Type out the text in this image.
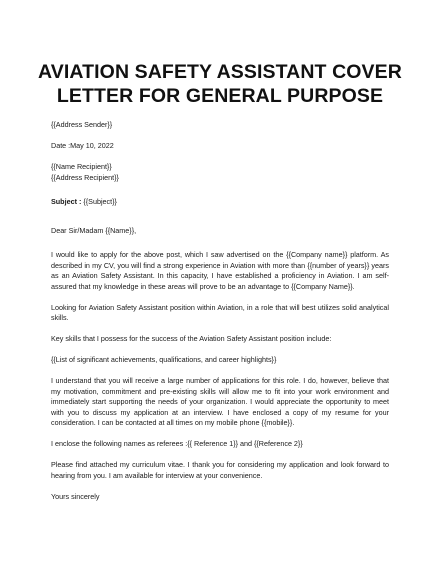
AVIATION SAFETY ASSISTANT COVER
LETTER FOR GENERAL PURPOSE

{{Address Sender}}

Date :May 10, 2022

{{Name Recipient}}

{{Address Recipient}}

Subject : {{Subject}}

Dear Sir/Madam {{Name}},

I would like to apply for the above post, which I saw advertised on the {{Company name}} platform. As described in my CV, you will find a strong experience in Aviation with more than {{number of years}} years as an Aviation Safety Assistant. In this capacity, I have established a proficiency in Aviation. I am self-assured that my knowledge in these areas will prove to be an advantage to {{Company Name}}.

Looking for Aviation Safety Assistant position within Aviation, in a role that will best utilizes solid analytical skills.

Key skills that I possess for the success of the Aviation Safety Assistant position include:

{{List of significant achievements, qualifications, and career highlights}}

I understand that you will receive a large number of applications for this role. I do, however, believe that my motivation, commitment and pre-existing skills will allow me to fit into your work environment and immediately start supporting the needs of your organization. I would appreciate the opportunity to meet with you to discuss my application at an interview. I have enclosed a copy of my resume for your consideration. I can be contacted at all times on my mobile phone {{mobile}}.

I enclose the following names as referees :{{ Reference 1}} and {{Reference 2}}

Please find attached my curriculum vitae. I thank you for considering my application and look forward to hearing from you. I am available for interview at your convenience.

Yours sincerely
